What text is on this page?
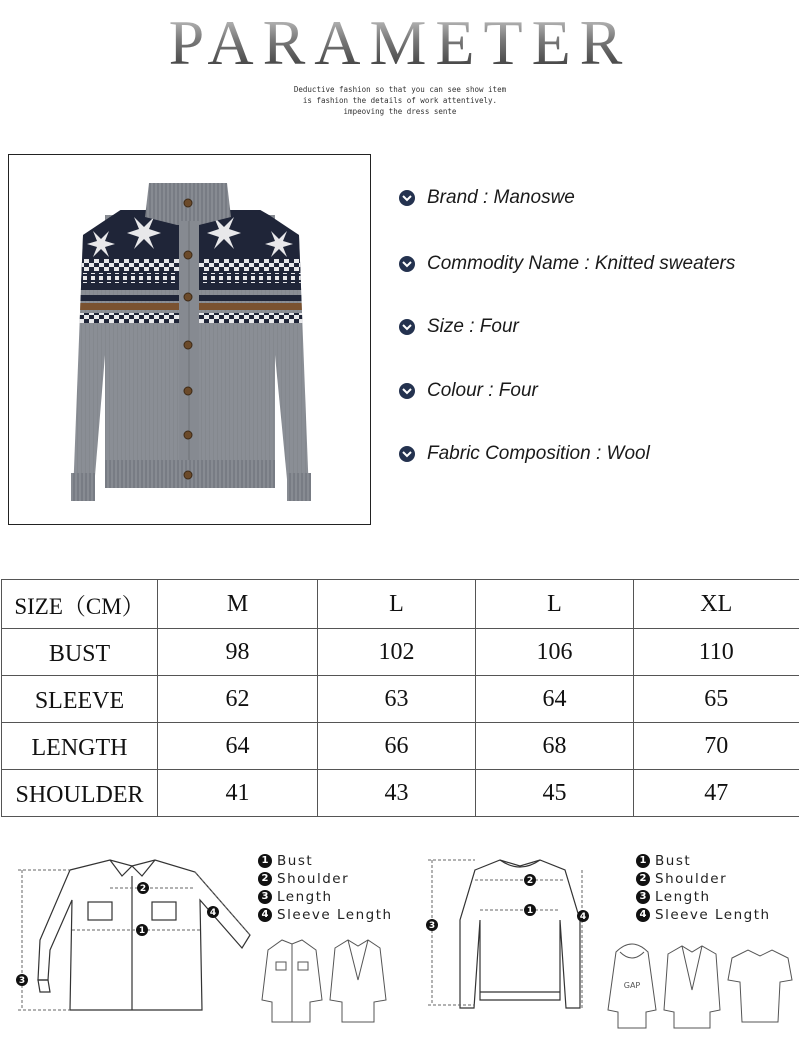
PARAMETER
Deductive fashion so that you can see show item
is fashion the details of work attentively.
impeoving the dress sente
Brand : Manoswe
Commodity Name : Knitted sweaters
Size : Four
Colour : Four
Fabric Composition : Wool
SIZE（CM）	M	L	L	XL
BUST	98	102	106	110
SLEEVE	62	63	64	65
LENGTH	64	66	68	70
SHOULDER	41	43	45	47
3
2
1
4
1 Bust
2 Shoulder
3 Length
4 Sleeve Length
3
2
1
4
GAP
1 Bust
2 Shoulder
3 Length
4 Sleeve Length
